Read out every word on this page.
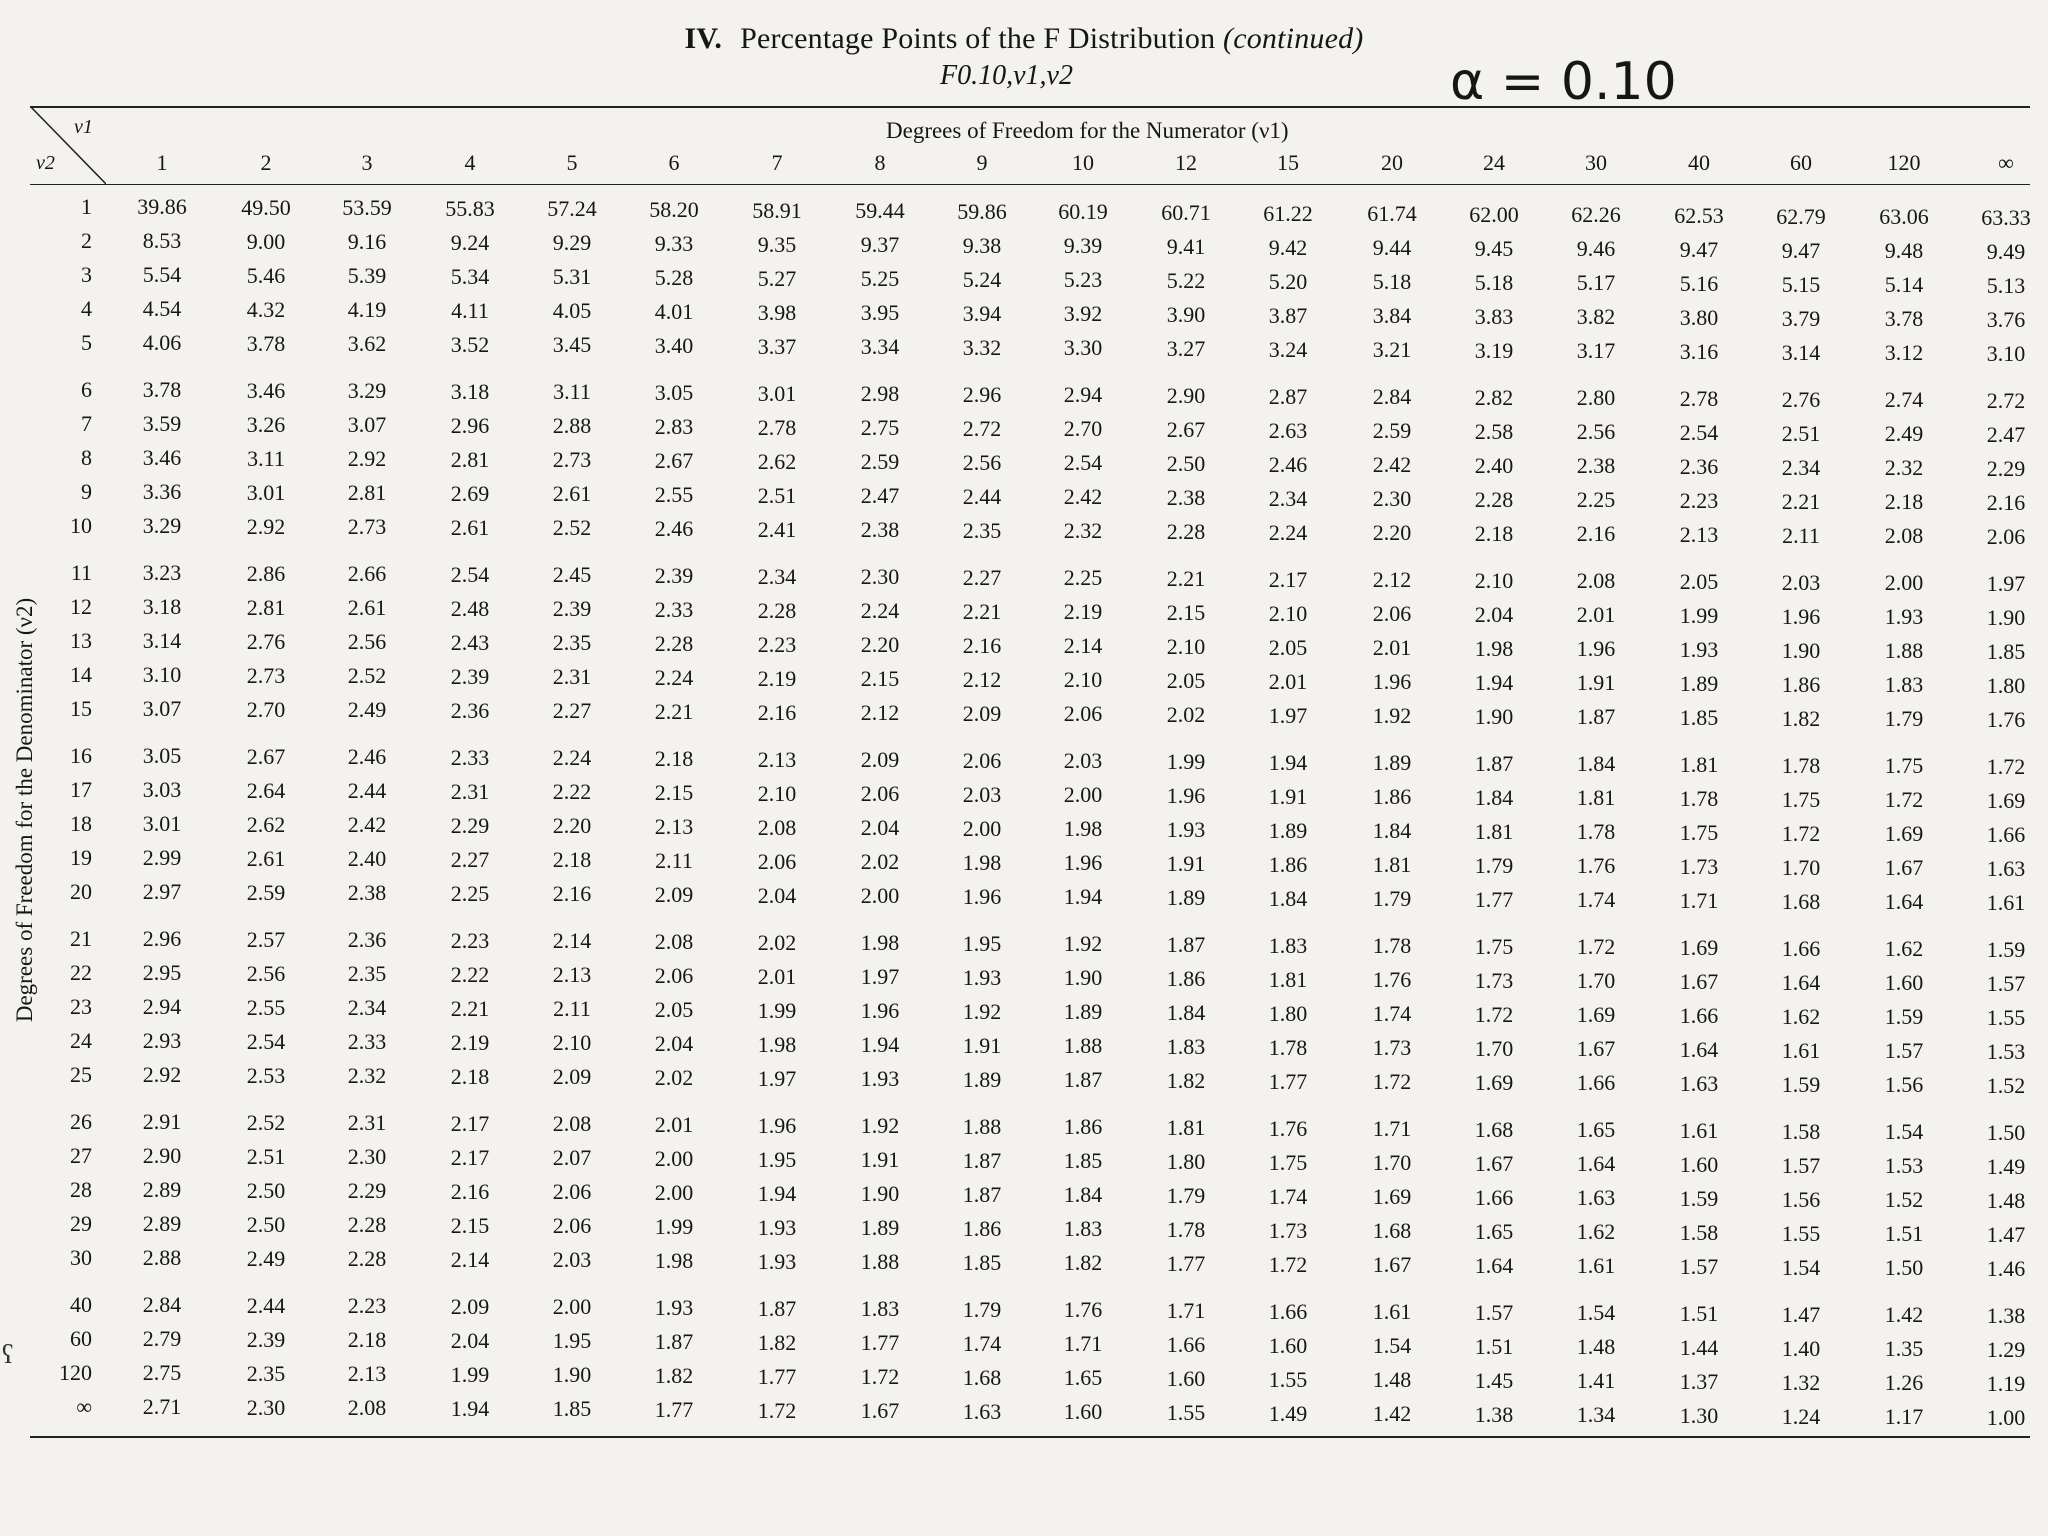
IV. Percentage Points of the F Distribution (continued)
F0.10,ν1,ν2	α = 0.10
ν1
ν2
Degrees of Freedom for the Numerator (ν1)
Degrees of Freedom for the Denominator (ν2)
1	2	3	4	5	6	7	8	9	10	12	15	20	24	30	40	60	120	∞
1	39.86	49.50	53.59	55.83	57.24	58.20	58.91	59.44	59.86	60.19	60.71	61.22	61.74	62.00	62.26	62.53	62.79	63.06	63.33
2	8.53	9.00	9.16	9.24	9.29	9.33	9.35	9.37	9.38	9.39	9.41	9.42	9.44	9.45	9.46	9.47	9.47	9.48	9.49
3	5.54	5.46	5.39	5.34	5.31	5.28	5.27	5.25	5.24	5.23	5.22	5.20	5.18	5.18	5.17	5.16	5.15	5.14	5.13
4	4.54	4.32	4.19	4.11	4.05	4.01	3.98	3.95	3.94	3.92	3.90	3.87	3.84	3.83	3.82	3.80	3.79	3.78	3.76
5	4.06	3.78	3.62	3.52	3.45	3.40	3.37	3.34	3.32	3.30	3.27	3.24	3.21	3.19	3.17	3.16	3.14	3.12	3.10
6	3.78	3.46	3.29	3.18	3.11	3.05	3.01	2.98	2.96	2.94	2.90	2.87	2.84	2.82	2.80	2.78	2.76	2.74	2.72
7	3.59	3.26	3.07	2.96	2.88	2.83	2.78	2.75	2.72	2.70	2.67	2.63	2.59	2.58	2.56	2.54	2.51	2.49	2.47
8	3.46	3.11	2.92	2.81	2.73	2.67	2.62	2.59	2.56	2.54	2.50	2.46	2.42	2.40	2.38	2.36	2.34	2.32	2.29
9	3.36	3.01	2.81	2.69	2.61	2.55	2.51	2.47	2.44	2.42	2.38	2.34	2.30	2.28	2.25	2.23	2.21	2.18	2.16
10	3.29	2.92	2.73	2.61	2.52	2.46	2.41	2.38	2.35	2.32	2.28	2.24	2.20	2.18	2.16	2.13	2.11	2.08	2.06
11	3.23	2.86	2.66	2.54	2.45	2.39	2.34	2.30	2.27	2.25	2.21	2.17	2.12	2.10	2.08	2.05	2.03	2.00	1.97
12	3.18	2.81	2.61	2.48	2.39	2.33	2.28	2.24	2.21	2.19	2.15	2.10	2.06	2.04	2.01	1.99	1.96	1.93	1.90
13	3.14	2.76	2.56	2.43	2.35	2.28	2.23	2.20	2.16	2.14	2.10	2.05	2.01	1.98	1.96	1.93	1.90	1.88	1.85
14	3.10	2.73	2.52	2.39	2.31	2.24	2.19	2.15	2.12	2.10	2.05	2.01	1.96	1.94	1.91	1.89	1.86	1.83	1.80
15	3.07	2.70	2.49	2.36	2.27	2.21	2.16	2.12	2.09	2.06	2.02	1.97	1.92	1.90	1.87	1.85	1.82	1.79	1.76
16	3.05	2.67	2.46	2.33	2.24	2.18	2.13	2.09	2.06	2.03	1.99	1.94	1.89	1.87	1.84	1.81	1.78	1.75	1.72
17	3.03	2.64	2.44	2.31	2.22	2.15	2.10	2.06	2.03	2.00	1.96	1.91	1.86	1.84	1.81	1.78	1.75	1.72	1.69
18	3.01	2.62	2.42	2.29	2.20	2.13	2.08	2.04	2.00	1.98	1.93	1.89	1.84	1.81	1.78	1.75	1.72	1.69	1.66
19	2.99	2.61	2.40	2.27	2.18	2.11	2.06	2.02	1.98	1.96	1.91	1.86	1.81	1.79	1.76	1.73	1.70	1.67	1.63
20	2.97	2.59	2.38	2.25	2.16	2.09	2.04	2.00	1.96	1.94	1.89	1.84	1.79	1.77	1.74	1.71	1.68	1.64	1.61
21	2.96	2.57	2.36	2.23	2.14	2.08	2.02	1.98	1.95	1.92	1.87	1.83	1.78	1.75	1.72	1.69	1.66	1.62	1.59
22	2.95	2.56	2.35	2.22	2.13	2.06	2.01	1.97	1.93	1.90	1.86	1.81	1.76	1.73	1.70	1.67	1.64	1.60	1.57
23	2.94	2.55	2.34	2.21	2.11	2.05	1.99	1.96	1.92	1.89	1.84	1.80	1.74	1.72	1.69	1.66	1.62	1.59	1.55
24	2.93	2.54	2.33	2.19	2.10	2.04	1.98	1.94	1.91	1.88	1.83	1.78	1.73	1.70	1.67	1.64	1.61	1.57	1.53
25	2.92	2.53	2.32	2.18	2.09	2.02	1.97	1.93	1.89	1.87	1.82	1.77	1.72	1.69	1.66	1.63	1.59	1.56	1.52
26	2.91	2.52	2.31	2.17	2.08	2.01	1.96	1.92	1.88	1.86	1.81	1.76	1.71	1.68	1.65	1.61	1.58	1.54	1.50
27	2.90	2.51	2.30	2.17	2.07	2.00	1.95	1.91	1.87	1.85	1.80	1.75	1.70	1.67	1.64	1.60	1.57	1.53	1.49
28	2.89	2.50	2.29	2.16	2.06	2.00	1.94	1.90	1.87	1.84	1.79	1.74	1.69	1.66	1.63	1.59	1.56	1.52	1.48
29	2.89	2.50	2.28	2.15	2.06	1.99	1.93	1.89	1.86	1.83	1.78	1.73	1.68	1.65	1.62	1.58	1.55	1.51	1.47
30	2.88	2.49	2.28	2.14	2.03	1.98	1.93	1.88	1.85	1.82	1.77	1.72	1.67	1.64	1.61	1.57	1.54	1.50	1.46
40	2.84	2.44	2.23	2.09	2.00	1.93	1.87	1.83	1.79	1.76	1.71	1.66	1.61	1.57	1.54	1.51	1.47	1.42	1.38
60	2.79	2.39	2.18	2.04	1.95	1.87	1.82	1.77	1.74	1.71	1.66	1.60	1.54	1.51	1.48	1.44	1.40	1.35	1.29
120	2.75	2.35	2.13	1.99	1.90	1.82	1.77	1.72	1.68	1.65	1.60	1.55	1.48	1.45	1.41	1.37	1.32	1.26	1.19
∞	2.71	2.30	2.08	1.94	1.85	1.77	1.72	1.67	1.63	1.60	1.55	1.49	1.42	1.38	1.34	1.30	1.24	1.17	1.00
ʕ
